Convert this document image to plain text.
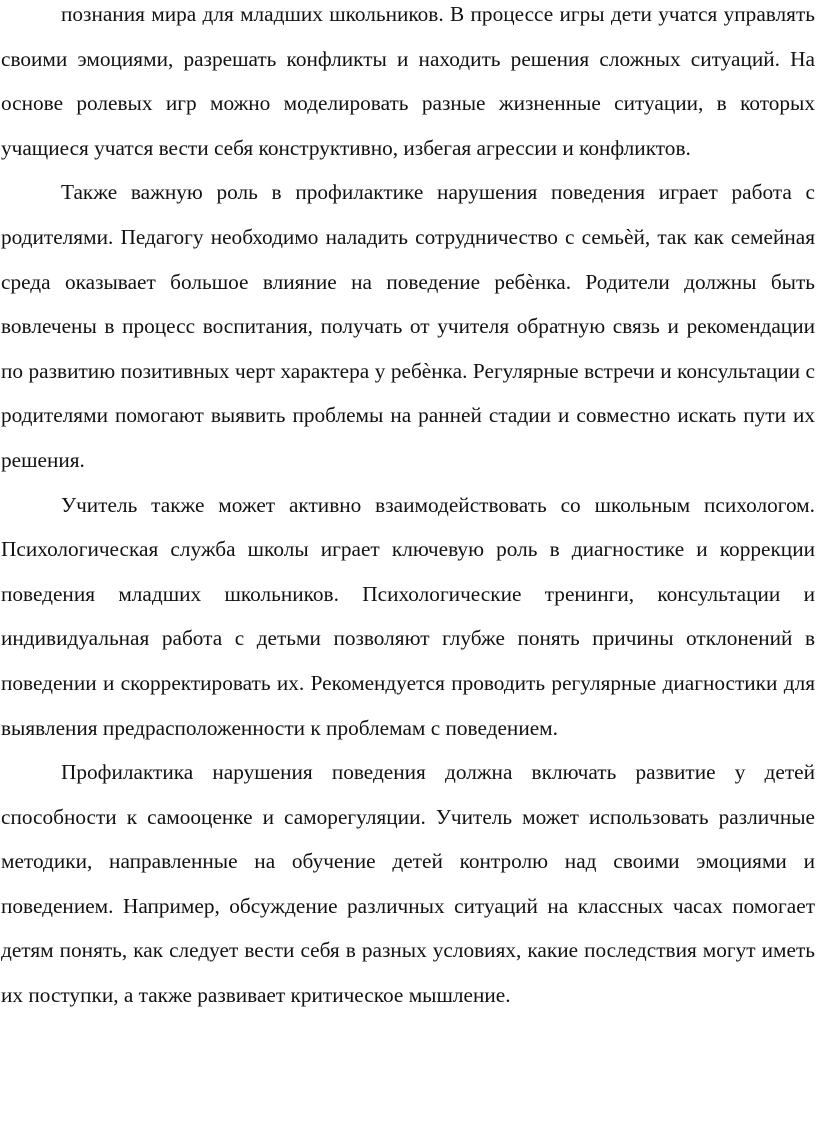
познания мира для младших школьников. В процессе игры дети учатся управлять своими эмоциями, разрешать конфликты и находить решения сложных ситуаций. На основе ролевых игр можно моделировать разные жизненные ситуации, в которых учащиеся учатся вести себя конструктивно, избегая агрессии и конфликтов.

Также важную роль в профилактике нарушения поведения играет работа с родителями. Педагогу необходимо наладить сотрудничество с семьѐй, так как семейная среда оказывает большое влияние на поведение ребѐнка. Родители должны быть вовлечены в процесс воспитания, получать от учителя обратную связь и рекомендации по развитию позитивных черт характера у ребѐнка. Регулярные встречи и консультации с родителями помогают выявить проблемы на ранней стадии и совместно искать пути их решения.

Учитель также может активно взаимодействовать со школьным психологом. Психологическая служба школы играет ключевую роль в диагностике и коррекции поведения младших школьников. Психологические тренинги, консультации и индивидуальная работа с детьми позволяют глубже понять причины отклонений в поведении и скорректировать их. Рекомендуется проводить регулярные диагностики для выявления предрасположенности к проблемам с поведением.

Профилактика нарушения поведения должна включать развитие у детей способности к самооценке и саморегуляции. Учитель может использовать различные методики, направленные на обучение детей контролю над своими эмоциями и поведением. Например, обсуждение различных ситуаций на классных часах помогает детям понять, как следует вести себя в разных условиях, какие последствия могут иметь их поступки, а также развивает критическое мышление.
